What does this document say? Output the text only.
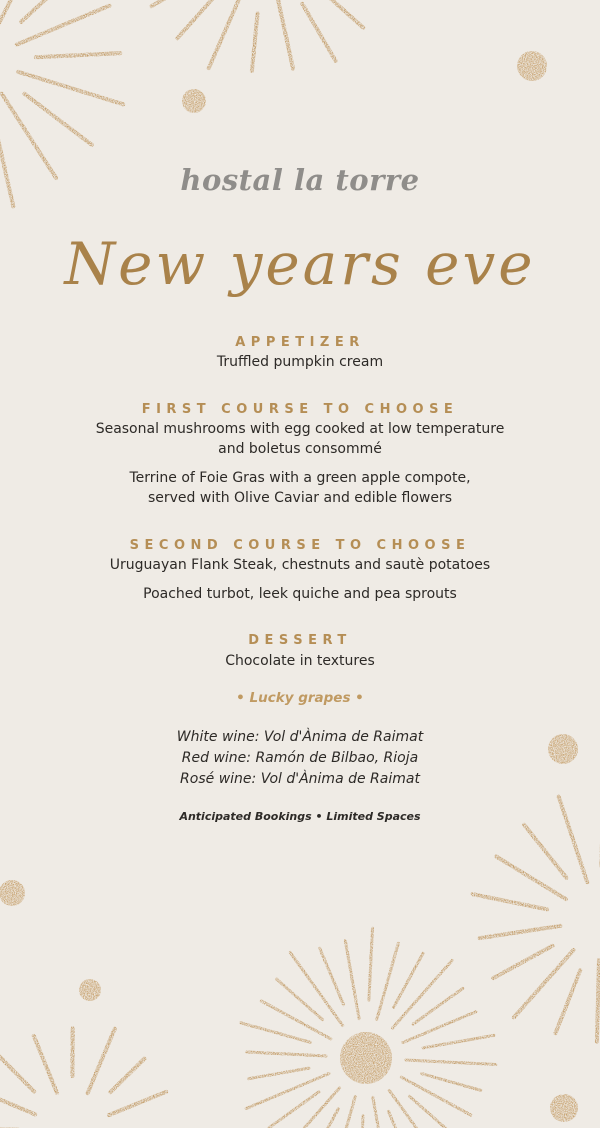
hostal la torre
New years eve
APPETIZER
Truffled pumpkin cream
FIRST COURSE TO CHOOSE
Seasonal mushrooms with egg cooked at low temperature
and boletus consommé
Terrine of Foie Gras with a green apple compote,
served with Olive Caviar and edible flowers
SECOND COURSE TO CHOOSE
Uruguayan Flank Steak, chestnuts and sautè potatoes
Poached turbot, leek quiche and pea sprouts
DESSERT
Chocolate in textures
• Lucky grapes •
White wine: Vol d'Ànima de Raimat
Red wine: Ramón de Bilbao, Rioja
Rosé wine: Vol d'Ànima de Raimat
Anticipated Bookings • Limited Spaces
